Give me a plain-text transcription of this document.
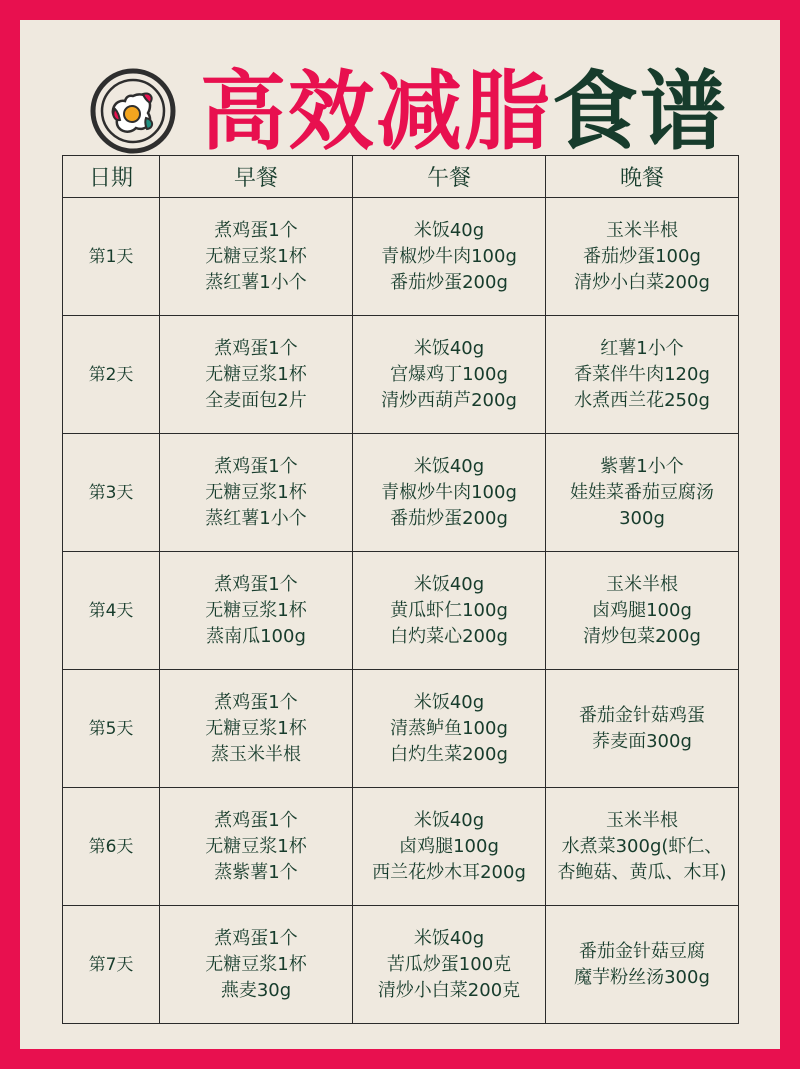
高效减脂食谱
日期	早餐	午餐	晚餐
第1天	煮鸡蛋1个
无糖豆浆1杯
蒸红薯1小个	米饭40g
青椒炒牛肉100g
番茄炒蛋200g	玉米半根
番茄炒蛋100g
清炒小白菜200g

第2天	煮鸡蛋1个
无糖豆浆1杯
全麦面包2片	米饭40g
宫爆鸡丁100g
清炒西葫芦200g	红薯1小个
香菜伴牛肉120g
水煮西兰花250g

第3天	煮鸡蛋1个
无糖豆浆1杯
蒸红薯1小个	米饭40g
青椒炒牛肉100g
番茄炒蛋200g	紫薯1小个
娃娃菜番茄豆腐汤
300g

第4天	煮鸡蛋1个
无糖豆浆1杯
蒸南瓜100g	米饭40g
黄瓜虾仁100g
白灼菜心200g	玉米半根
卤鸡腿100g
清炒包菜200g

第5天	煮鸡蛋1个
无糖豆浆1杯
蒸玉米半根	米饭40g
清蒸鲈鱼100g
白灼生菜200g	番茄金针菇鸡蛋
荞麦面300g

第6天	煮鸡蛋1个
无糖豆浆1杯
蒸紫薯1个	米饭40g
卤鸡腿100g
西兰花炒木耳200g	玉米半根
水煮菜300g(虾仁、
杏鲍菇、黄瓜、木耳)

第7天	煮鸡蛋1个
无糖豆浆1杯
燕麦30g	米饭40g
苦瓜炒蛋100克
清炒小白菜200克	番茄金针菇豆腐
魔芋粉丝汤300g
